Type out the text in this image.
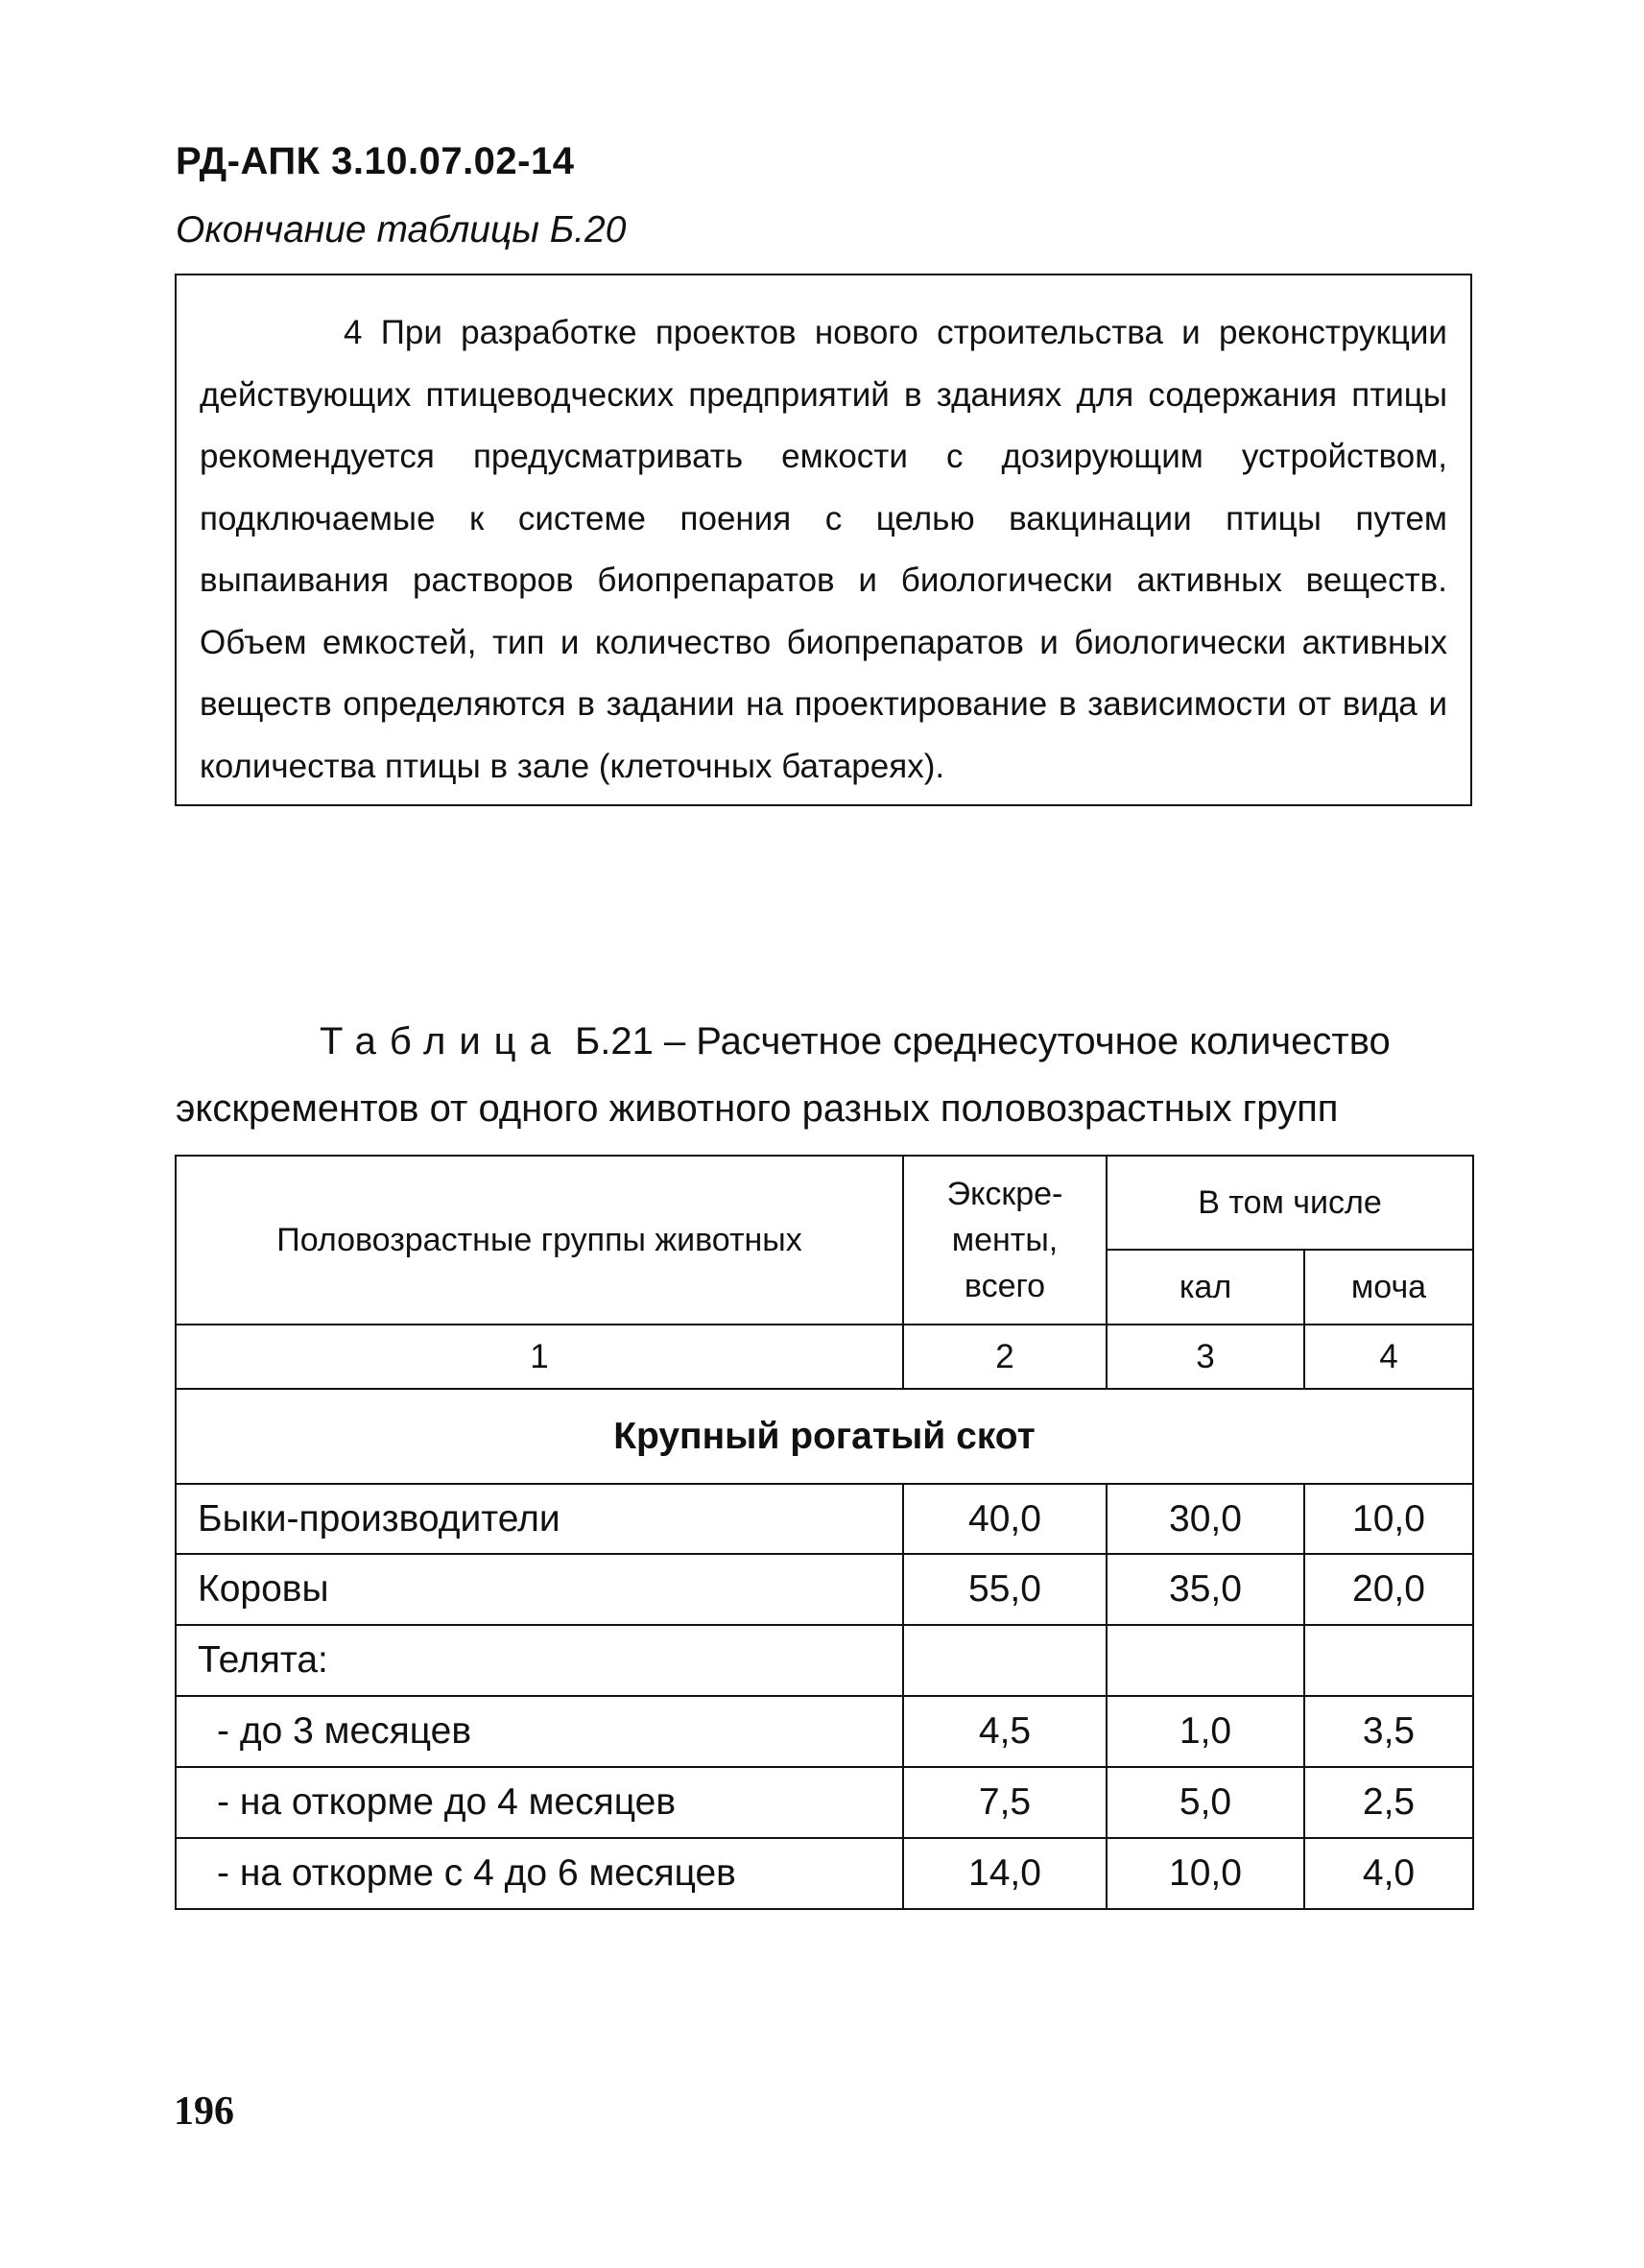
РД-АПК 3.10.07.02-14
Окончание таблицы Б.20

4 При разработке проектов нового строительства и реконструкции действующих птицеводческих предприятий в зданиях для содержания птицы рекомендуется предусматривать емкости с дозирующим устройством, подключаемые к системе поения с целью вакцинации птицы путем выпаивания растворов биопрепаратов и биологически активных веществ. Объем емкостей, тип и количество биопрепаратов и биологически активных веществ определяются в задании на проектирование в зависимости от вида и количества птицы в зале (клеточных батареях).

Таблица Б.21 – Расчетное среднесуточное количество
экскрементов от одного животного разных половозрастных групп
Половозрастные группы животных	Экскре-менты, всего	В том числе	
		кал	моча
1	2	3	4
Крупный рогатый скот			
Быки-производители	40,0	30,0	10,0
Коровы	55,0	35,0	20,0
Телята:			
- до 3 месяцев	4,5	1,0	3,5
- на откорме до 4 месяцев	7,5	5,0	2,5
- на откорме с 4 до 6 месяцев	14,0	10,0	4,0
196
